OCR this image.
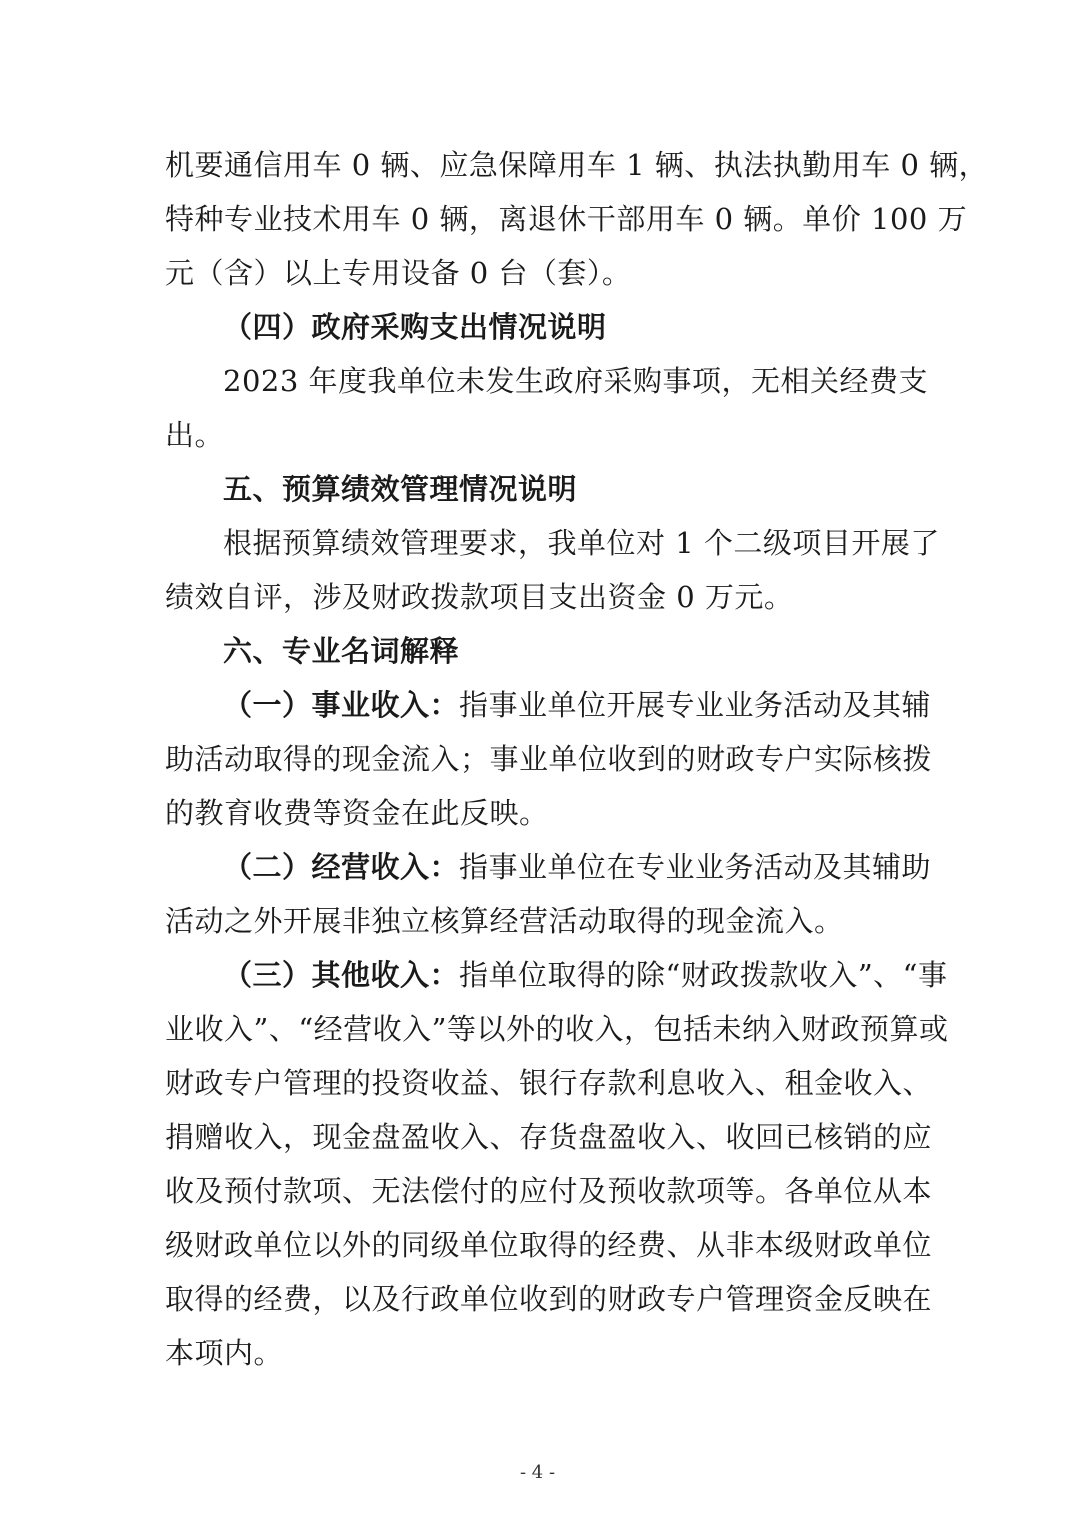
机要通信用车 0 辆、应急保障用车 1 辆、执法执勤用车 0 辆，
特种专业技术用车 0 辆，离退休干部用车 0 辆。单价 100 万
元（含）以上专用设备 0 台（套）。
（四）政府采购支出情况说明
2023 年度我单位未发生政府采购事项，无相关经费支
出。
五、预算绩效管理情况说明
根据预算绩效管理要求，我单位对 1 个二级项目开展了
绩效自评，涉及财政拨款项目支出资金 0 万元。
六、专业名词解释
（一）事业收入：指事业单位开展专业业务活动及其辅
助活动取得的现金流入；事业单位收到的财政专户实际核拨
的教育收费等资金在此反映。
（二）经营收入：指事业单位在专业业务活动及其辅助
活动之外开展非独立核算经营活动取得的现金流入。
（三）其他收入：指单位取得的除“财政拨款收入”、“事
业收入”、“经营收入”等以外的收入，包括未纳入财政预算或
财政专户管理的投资收益、银行存款利息收入、租金收入、
捐赠收入，现金盘盈收入、存货盘盈收入、收回已核销的应
收及预付款项、无法偿付的应付及预收款项等。各单位从本
级财政单位以外的同级单位取得的经费、从非本级财政单位
取得的经费，以及行政单位收到的财政专户管理资金反映在
本项内。
- 4 -
